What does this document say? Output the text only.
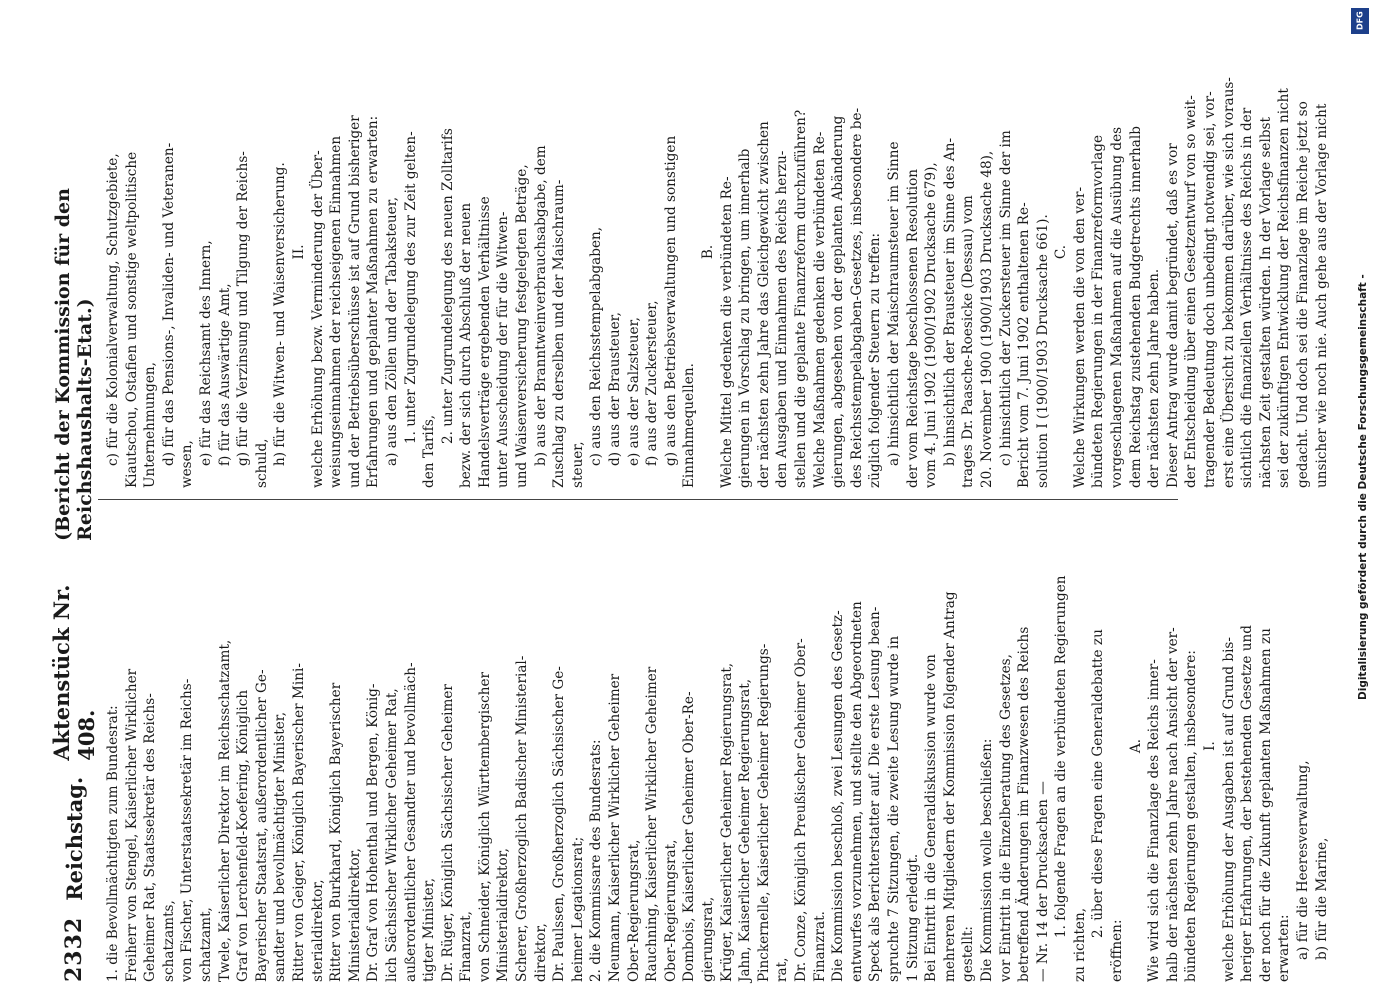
2332
Reichstag.
Aktenstück Nr. 408.
(Bericht der Kommission für den Reichshaushalts-Etat.)
1. die Bevollmächtigten zum Bundesrat: Freiherr von Stengel, Kaiserlicher Wirklicher Geheimer Rat, Staatssekretär des Reichs- schatzamts, von Fischer, Unterstaatssekretär im Reichs- schatzamt, Twele, Kaiserlicher Direktor im Reichsschatzamt, Graf von Lerchenfeld-Koefering, Königlich Bayerischer Staatsrat, außerordentlicher Ge- sandter und bevollmächtigter Minister, Ritter von Geiger, Königlich Bayerischer Mini- sterialdirektor, Ritter von Burkhard, Königlich Bayerischer Ministerialdirektor, Dr. Graf von Hohenthal und Bergen, König- lich Sächsischer Wirklicher Geheimer Rat, außerordentlicher Gesandter und bevollmäch- tigter Minister, Dr. Rüger, Königlich Sächsischer Geheimer Finanzrat, von Schneider, Königlich Württembergischer Ministerialdirektor, Scherer, Großherzoglich Badischer Ministerial- direktor, Dr. Paulssen, Großherzoglich Sächsischer Ge- heimer Legationsrat; 2. die Kommissare des Bundesrats: Neumann, Kaiserlicher Wirklicher Geheimer Ober-Regierungsrat, Rauchning, Kaiserlicher Wirklicher Geheimer Ober-Regierungsrat, Dombois, Kaiserlicher Geheimer Ober-Re- gierungsrat, Krüger, Kaiserlicher Geheimer Regierungsrat, Jahn, Kaiserlicher Geheimer Regierungsrat, Pinckernelle, Kaiserlicher Geheimer Regierungs- rat, Dr. Conze, Königlich Preußischer Geheimer Ober- Finanzrat. Die Kommission beschloß, zwei Lesungen des Gesetz- entwurfes vorzunehmen, und stellte den Abgeordneten Speck als Berichterstatter auf. Die erste Lesung bean- spruchte 7 Sitzungen, die zweite Lesung wurde in 1 Sitzung erledigt. Bei Eintritt in die Generaldiskussion wurde von mehreren Mitgliedern der Kommission folgender Antrag gestellt: Die Kommission wolle beschließen: vor Eintritt in die Einzelberatung des Gesetzes, betreffend Änderungen im Finanzwesen des Reichs — Nr. 14 der Drucksachen — 1. folgende Fragen an die verbündeten Regierungen
zu richten,
2. über diese Fragen eine Generaldebatte zu
eröffnen:
A. Wie wird sich die Finanzlage des Reichs inner- halb der nächsten zehn Jahre nach Ansicht der ver- bündeten Regierungen gestalten, insbesondere: I. welche Erhöhung der Ausgaben ist auf Grund bis- heriger Erfahrungen, der bestehenden Gesetze und der noch für die Zukunft geplanten Maßnahmen zu erwarten: a) für die Heeresverwaltung, b) für die Marine,
c) für die Kolonialverwaltung, Schutzgebiete, Kiautschou, Ostafien und sonstige weltpolitische Unternehmungen, d) für das Pensions-, Invaliden- und Veteranen- wesen, e) für das Reichsamt des Innern, f) für das Auswärtige Amt, g) für die Verzinsung und Tilgung der Reichs- schuld, h) für die Witwen- und Waisenversicherung. II. welche Erhöhung bezw. Verminderung der Über- weisungseinnahmen der reichseigenen Einnahmen und der Betriebsüberschüsse ist auf Grund bisheriger Erfahrungen und geplanter Maßnahmen zu erwarten: a) aus den Zöllen und der Tabaksteuer, 1. unter Zugrundelegung des zur Zeit gelten-
den Tarifs,
2. unter Zugrundelegung des neuen Zolltarifs bezw. der sich durch Abschluß der neuen Handelsverträge ergebenden Verhältnisse unter Ausscheidung der für die Witwen- und Waisenversicherung festgelegten Beträge, b) aus der Branntweinverbrauchsabgabe, dem Zuschlag zu derselben und der Maischraum- steuer, c) aus den Reichsstempelabgaben, d) aus der Brausteuer, e) aus der Salzsteuer, f) aus der Zuckersteuer, g) aus den Betriebsverwaltungen und sonstigen Einnahmequellen.
B. Welche Mittel gedenken die verbündeten Re- gierungen in Vorschlag zu bringen, um innerhalb der nächsten zehn Jahre das Gleichgewicht zwischen den Ausgaben und Einnahmen des Reichs herzu- stellen und die geplante Finanzreform durchzuführen? Welche Maßnahmen gedenken die verbündeten Re- gierungen, abgesehen von der geplanten Abänderung des Reichsstempelabgaben-Gesetzes, insbesondere be- züglich folgender Steuern zu treffen: a) hinsichtlich der Maischraumsteuer im Sinne der vom Reichstage beschlossenen Resolution vom 4. Juni 1902 (1900/1902 Drucksache 679), b) hinsichtlich der Brausteuer im Sinne des An- trages Dr. Paasche-Roesicke (Dessau) vom 20. November 1900 (1900/1903 Drucksache 48), c) hinsichtlich der Zuckersteuer im Sinne der im Bericht vom 7. Juni 1902 enthaltenen Re- solution I (1900/1903 Drucksache 661). C. Welche Wirkungen werden die von den ver- bündeten Regierungen in der Finanzreformvorlage vorgeschlagenen Maßnahmen auf die Ausübung des dem Reichstag zustehenden Budgetrechts innerhalb der nächsten zehn Jahre haben. Dieser Antrag wurde damit begründet, daß es vor der Entscheidung über einen Gesetzentwurf von so weit- tragender Bedeutung doch unbedingt notwendig sei, vor- erst eine Übersicht zu bekommen darüber, wie sich voraus- sichtlich die finanziellen Verhältnisse des Reichs in der nächsten Zeit gestalten würden. In der Vorlage selbst sei der zukünftigen Entwicklung der Reichsfinanzen nicht gedacht. Und doch sei die Finanzlage im Reiche jetzt so unsicher wie noch nie. Auch gehe aus der Vorlage nicht
DFG
Digitalisierung gefördert durch die Deutsche Forschungsgemeinschaft -
